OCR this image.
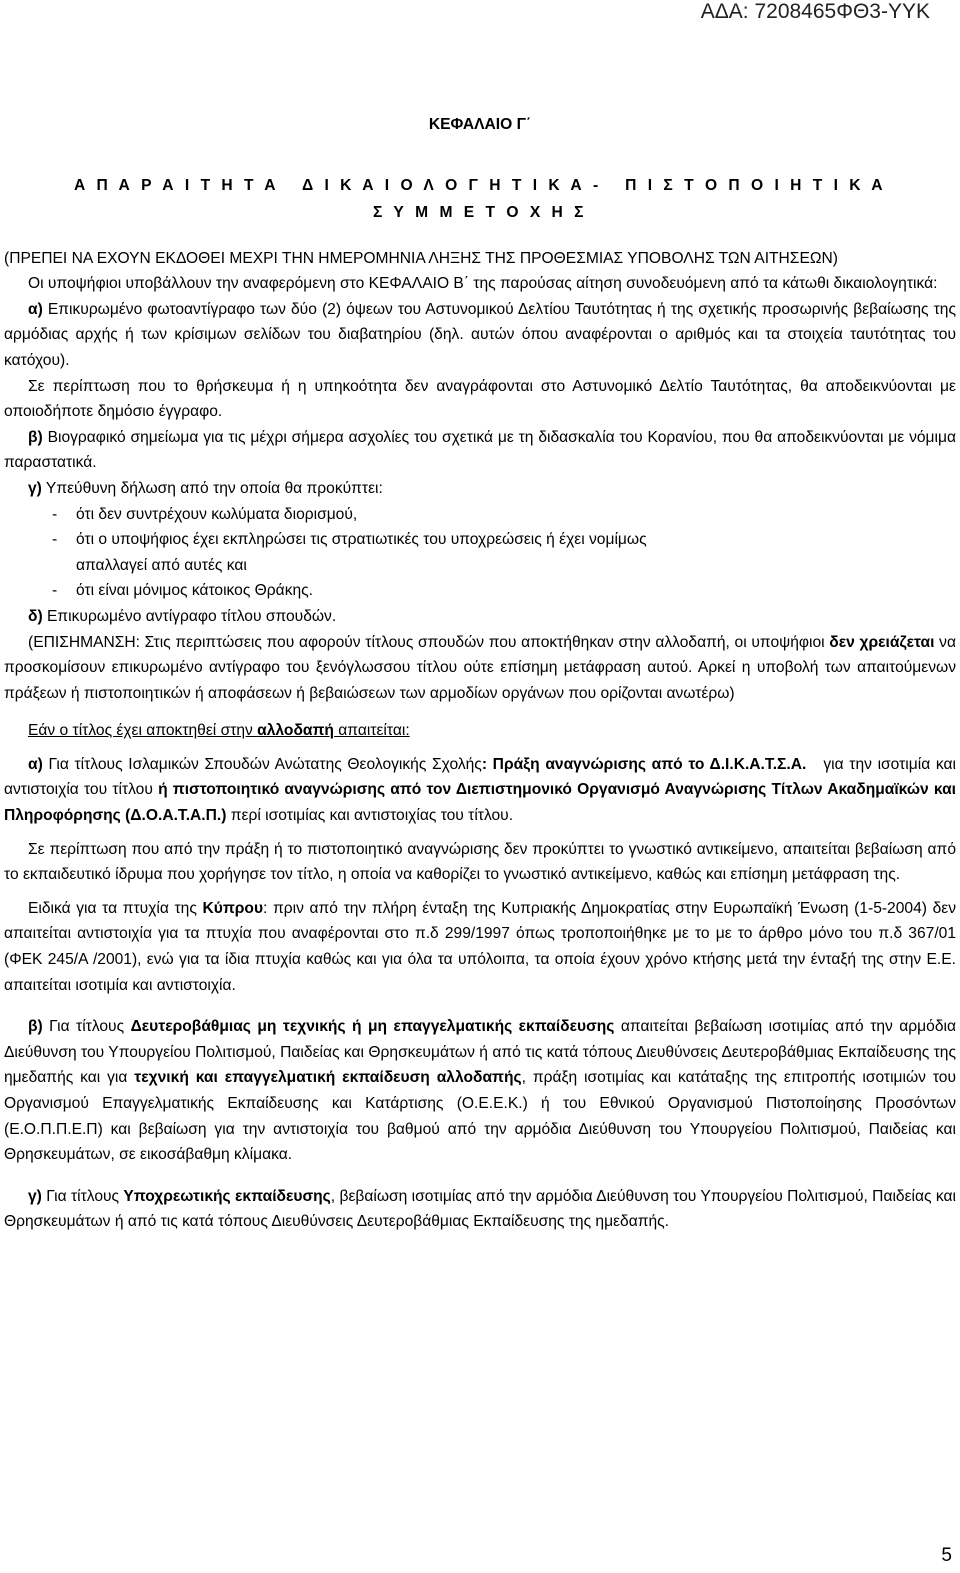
ΑΔΑ: 7208465ΦΘ3-ΥΥΚ

ΚΕΦΑΛΑΙΟ Γ΄

Α Π Α Ρ Α Ι Τ Η Τ Α   Δ Ι Κ Α Ι Ο Λ Ο Γ Η Τ Ι Κ Α -   Π Ι Σ Τ Ο Π Ο Ι Η Τ Ι Κ Α

Σ Υ Μ Μ Ε Τ Ο Χ Η Σ

(ΠΡΕΠΕΙ ΝΑ ΕΧΟΥΝ ΕΚΔΟΘΕΙ ΜΕΧΡΙ ΤΗΝ ΗΜΕΡΟΜΗΝΙΑ ΛΗΞΗΣ ΤΗΣ ΠΡΟΘΕΣΜΙΑΣ ΥΠΟΒΟΛΗΣ ΤΩΝ ΑΙΤΗΣΕΩΝ)

Οι υποψήφιοι υποβάλλουν την αναφερόμενη στο ΚΕΦΑΛΑΙΟ Β΄ της παρούσας αίτηση συνοδευόμενη από τα κάτωθι δικαιολογητικά:

α) Επικυρωμένο φωτοαντίγραφο των δύο (2) όψεων του Αστυνομικού Δελτίου Ταυτότητας ή της σχετικής προσωρινής βεβαίωσης της αρμόδιας αρχής ή των κρίσιμων σελίδων του διαβατηρίου (δηλ. αυτών όπου αναφέρονται ο αριθμός και τα στοιχεία ταυτότητας του κατόχου).

Σε περίπτωση που το θρήσκευμα ή η υπηκοότητα δεν αναγράφονται στο Αστυνομικό Δελτίο Ταυτότητας, θα αποδεικνύονται με οποιοδήποτε δημόσιο έγγραφο.

β) Βιογραφικό σημείωμα για τις μέχρι σήμερα ασχολίες του σχετικά με τη διδασκαλία του Κορανίου, που θα αποδεικνύονται με νόμιμα παραστατικά.

γ) Υπεύθυνη δήλωση από την οποία θα προκύπτει:

-	ότι δεν συντρέχουν κωλύματα διορισμού,
-	ότι ο υποψήφιος έχει εκπληρώσει τις στρατιωτικές του υποχρεώσεις ή έχει νομίμως
απαλλαγεί από αυτές και
-	ότι είναι μόνιμος κάτοικος Θράκης.

δ) Επικυρωμένο αντίγραφο τίτλου σπουδών.

(ΕΠΙΣΗΜΑΝΣΗ: Στις περιπτώσεις που αφορούν τίτλους σπουδών που αποκτήθηκαν στην αλλοδαπή, οι υποψήφιοι δεν χρειάζεται να προσκομίσουν επικυρωμένο αντίγραφο του ξενόγλωσσου τίτλου ούτε επίσημη μετάφραση αυτού. Αρκεί η υποβολή των απαιτούμενων πράξεων ή πιστοποιητικών ή αποφάσεων ή βεβαιώσεων των αρμοδίων οργάνων που ορίζονται ανωτέρω)

Εάν ο τίτλος έχει αποκτηθεί στην αλλοδαπή απαιτείται:

α) Για τίτλους Ισλαμικών Σπουδών Ανώτατης Θεολογικής Σχολής: Πράξη αναγνώρισης από το Δ.Ι.Κ.Α.Τ.Σ.Α.   για την ισοτιμία και αντιστοιχία του τίτλου ή πιστοποιητικό αναγνώρισης από τον Διεπιστημονικό Οργανισμό Αναγνώρισης Τίτλων Ακαδημαϊκών και Πληροφόρησης (Δ.Ο.Α.Τ.Α.Π.) περί ισοτιμίας και αντιστοιχίας του τίτλου.

Σε περίπτωση που από την πράξη ή το πιστοποιητικό αναγνώρισης δεν προκύπτει το γνωστικό αντικείμενο, απαιτείται βεβαίωση από το εκπαιδευτικό ίδρυμα που χορήγησε τον τίτλο, η οποία να καθορίζει το γνωστικό αντικείμενο, καθώς και επίσημη μετάφραση της.

Ειδικά για τα πτυχία της Κύπρου: πριν από την πλήρη ένταξη της Κυπριακής Δημοκρατίας στην Ευρωπαϊκή Ένωση (1-5-2004) δεν απαιτείται αντιστοιχία για τα πτυχία που αναφέρονται στο π.δ 299/1997 όπως τροποποιήθηκε με το με το άρθρο μόνο του π.δ 367/01 (ΦΕΚ 245/Α /2001), ενώ για τα ίδια πτυχία καθώς και για όλα τα υπόλοιπα, τα οποία έχουν χρόνο κτήσης μετά την ένταξή της στην Ε.Ε. απαιτείται ισοτιμία και αντιστοιχία.

β) Για τίτλους Δευτεροβάθμιας μη τεχνικής ή μη επαγγελματικής εκπαίδευσης απαιτείται βεβαίωση ισοτιμίας από την αρμόδια Διεύθυνση του Υπουργείου Πολιτισμού, Παιδείας και Θρησκευμάτων ή από τις κατά τόπους Διευθύνσεις Δευτεροβάθμιας Εκπαίδευσης της ημεδαπής και για τεχνική και επαγγελματική εκπαίδευση αλλοδαπής, πράξη ισοτιμίας και κατάταξης της επιτροπής ισοτιμιών του Οργανισμού Επαγγελματικής Εκπαίδευσης και Κατάρτισης (Ο.Ε.Ε.Κ.) ή του Εθνικού Οργανισμού Πιστοποίησης Προσόντων (Ε.Ο.Π.Π.Ε.Π) και βεβαίωση για την αντιστοιχία του βαθμού από την αρμόδια Διεύθυνση του Υπουργείου Πολιτισμού, Παιδείας και Θρησκευμάτων, σε εικοσάβαθμη κλίμακα.

γ) Για τίτλους Υποχρεωτικής εκπαίδευσης, βεβαίωση ισοτιμίας από την αρμόδια Διεύθυνση του Υπουργείου Πολιτισμού, Παιδείας και Θρησκευμάτων ή από τις κατά τόπους Διευθύνσεις Δευτεροβάθμιας Εκπαίδευσης της ημεδαπής.

5
